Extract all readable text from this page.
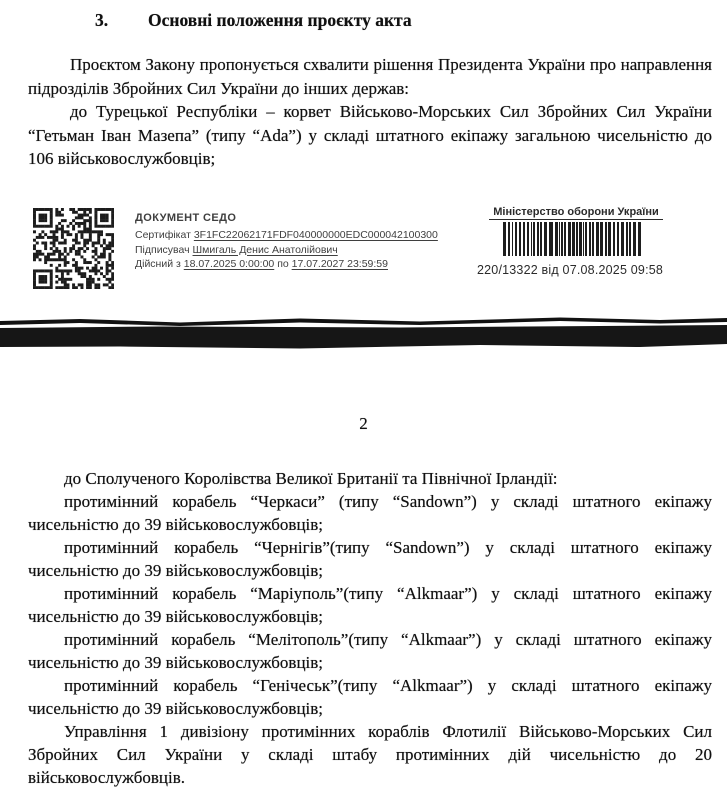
3. Основні положення проєкту акта

Проєктом Закону пропонується схвалити рішення Президента України про направлення підрозділів Збройних Сил України до інших держав:

до Турецької Республіки – корвет Військово-Морських Сил Збройних Сил України “Гетьман Іван Мазепа” (типу “Ada”) у складі штатного екіпажу загальною чисельністю до 106 військовослужбовців;

ДОКУМЕНТ СЕДО
Сертифікат 3F1FC22062171FDF040000000EDC000042100300
Підписувач Шмигаль Денис Анатолійович
Дійсний з 18.07.2025 0:00:00 по 17.07.2027 23:59:59
Міністерство оборони України
220/13322 від 07.08.2025 09:58
2

до Сполученого Королівства Великої Британії та Північної Ірландії:

протимінний корабель “Черкаси” (типу “Sandown”) у складі штатного екіпажу чисельністю до 39 військовослужбовців;

протимінний корабель “Чернігів”(типу “Sandown”) у складі штатного екіпажу чисельністю до 39 військовослужбовців;

протимінний корабель “Маріуполь”(типу “Alkmaar”) у складі штатного екіпажу чисельністю до 39 військовослужбовців;

протимінний корабель “Мелітополь”(типу “Alkmaar”) у складі штатного екіпажу чисельністю до 39 військовослужбовців;

протимінний корабель “Генічеськ”(типу “Alkmaar”) у складі штатного екіпажу чисельністю до 39 військовослужбовців;

Управління 1 дивізіону протимінних кораблів Флотилії Військово-Морських Сил Збройних Сил України у складі штабу протимінних дій чисельністю до 20 військовослужбовців.
